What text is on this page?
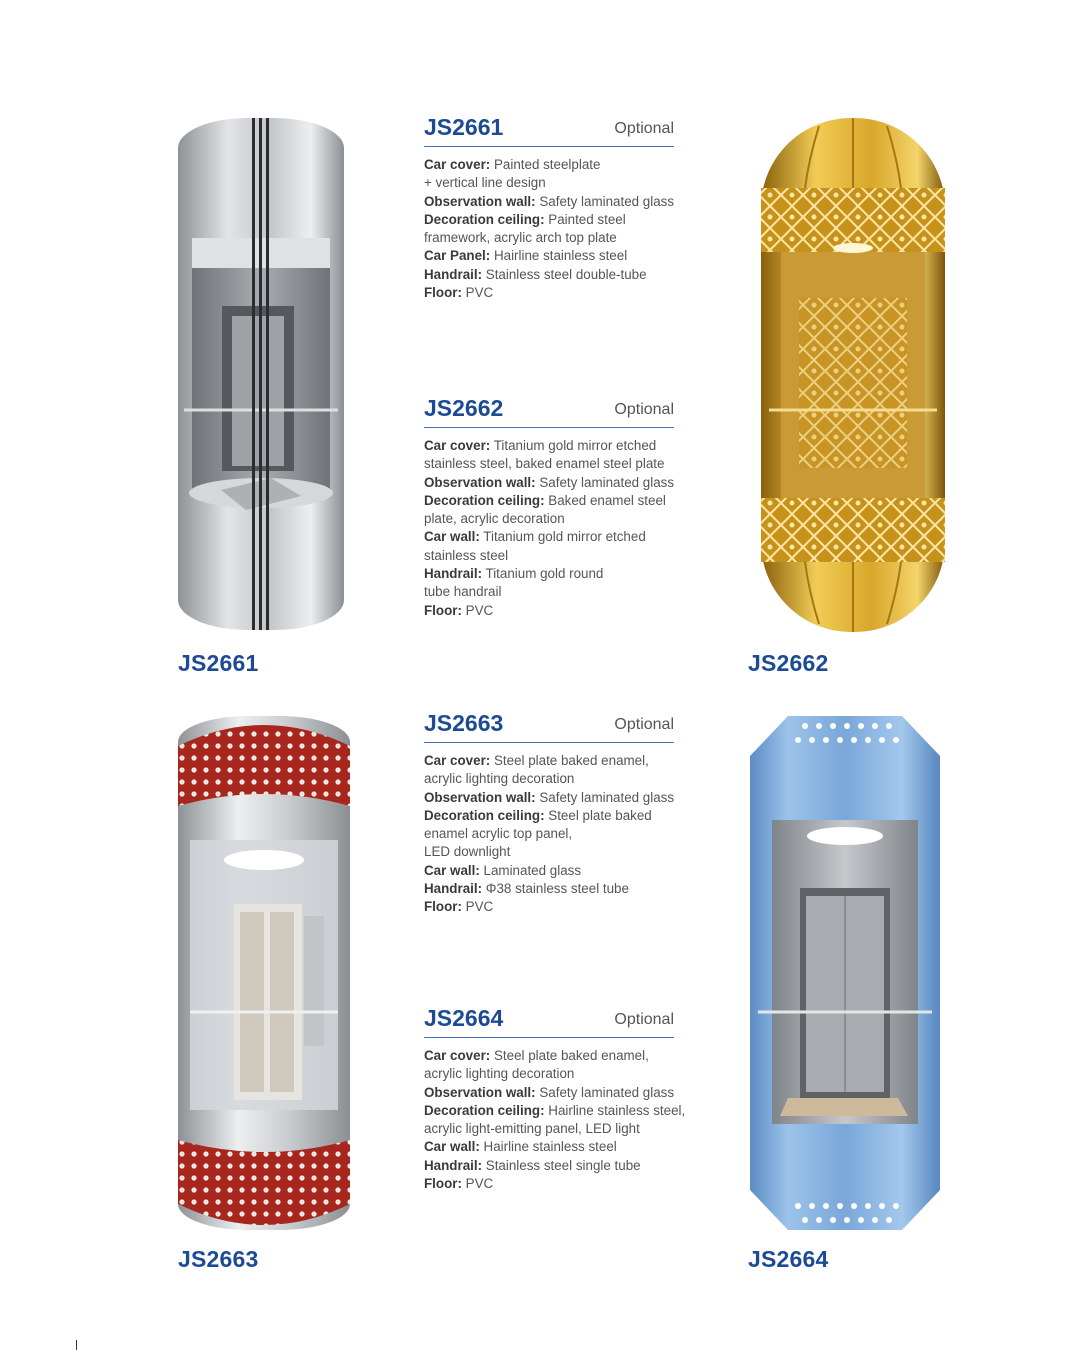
JS2661	JS2662
JS2663	JS2664
JS2661	Optional
Car cover: Painted steelplate
+ vertical line design
Observation wall: Safety laminated glass
Decoration ceiling: Painted steel
framework, acrylic arch top plate
Car Panel: Hairline stainless steel
Handrail: Stainless steel double-tube
Floor: PVC
JS2662	Optional
Car cover: Titanium gold mirror etched
stainless steel, baked enamel steel plate
Observation wall: Safety laminated glass
Decoration ceiling: Baked enamel steel
plate, acrylic decoration
Car wall: Titanium gold mirror etched
stainless steel
Handrail: Titanium gold round
tube handrail
Floor: PVC
JS2663	Optional
Car cover: Steel plate baked enamel,
acrylic lighting decoration
Observation wall: Safety laminated glass
Decoration ceiling: Steel plate baked
enamel acrylic top panel,
LED downlight
Car wall: Laminated glass
Handrail: Φ38 stainless steel tube
Floor: PVC
JS2664	Optional
Car cover: Steel plate baked enamel,
acrylic lighting decoration
Observation wall: Safety laminated glass
Decoration ceiling: Hairline stainless steel,
acrylic light-emitting panel, LED light
Car wall: Hairline stainless steel
Handrail: Stainless steel single tube
Floor: PVC
